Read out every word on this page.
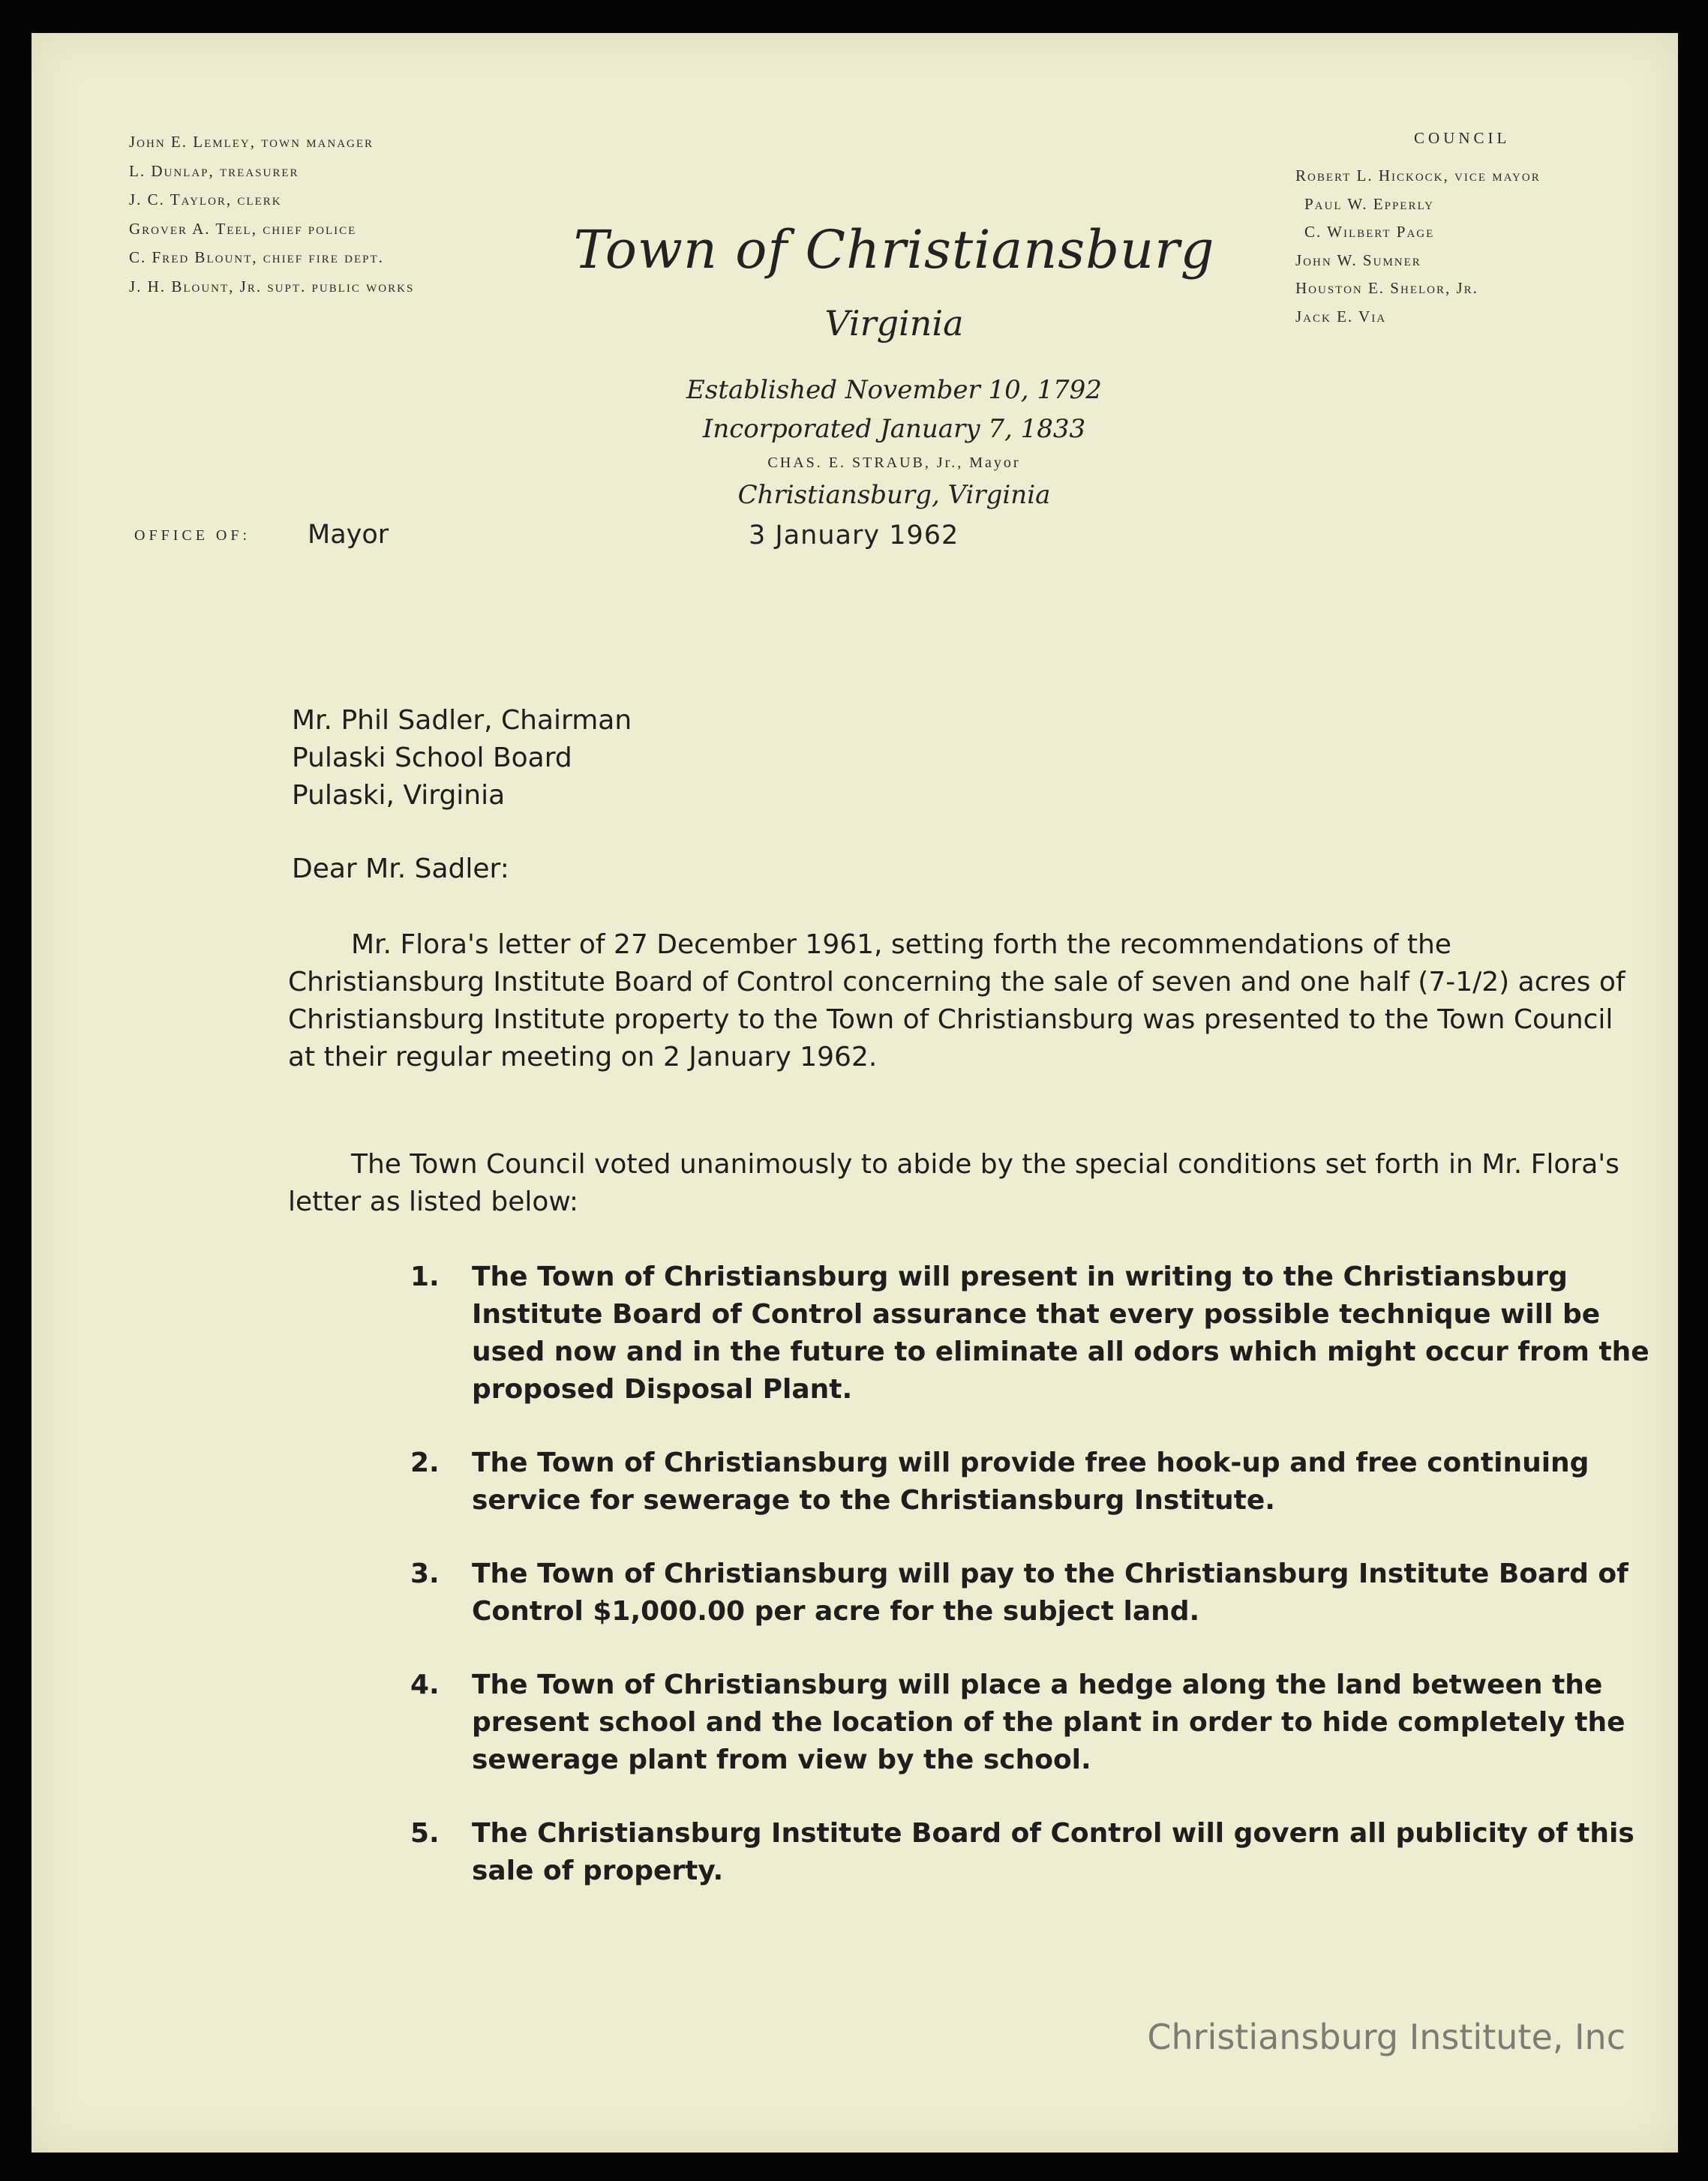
John E. Lemley, town manager
L. Dunlap, treasurer
J. C. Taylor, clerk
Grover A. Teel, chief police
C. Fred Blount, chief fire dept.
J. H. Blount, Jr. supt. public works
COUNCIL
Robert L. Hickock, vice mayor
Paul W. Epperly
C. Wilbert Page
John W. Sumner
Houston E. Shelor, Jr.
Jack E. Via
Town of Christiansburg
Virginia
Established November 10, 1792
Incorporated January 7, 1833
CHAS. E. STRAUB, Jr., Mayor
Christiansburg, Virginia
OFFICE OF: Mayor	3 January 1962
Mr. Phil Sadler, Chairman
Pulaski School Board
Pulaski, Virginia
Dear Mr. Sadler:
Mr. Flora's letter of 27 December 1961, setting forth the recommendations of the Christiansburg Institute Board of Control concerning the sale of seven and one half (7-1/2) acres of Christiansburg Institute property to the Town of Christiansburg was presented to the Town Council at their regular meeting on 2 January 1962.
The Town Council voted unanimously to abide by the special conditions set forth in Mr. Flora's letter as listed below:
1. The Town of Christiansburg will present in writing to the Christiansburg Institute Board of Control assurance that every possible technique will be used now and in the future to eliminate all odors which might occur from the proposed Disposal Plant.
2. The Town of Christiansburg will provide free hook-up and free continuing service for sewerage to the Christiansburg Institute.
3. The Town of Christiansburg will pay to the Christiansburg Institute Board of Control $1,000.00 per acre for the subject land.
4. The Town of Christiansburg will place a hedge along the land between the present school and the location of the plant in order to hide completely the sewerage plant from view by the school.
5. The Christiansburg Institute Board of Control will govern all publicity of this sale of property.
Christiansburg Institute, Inc
